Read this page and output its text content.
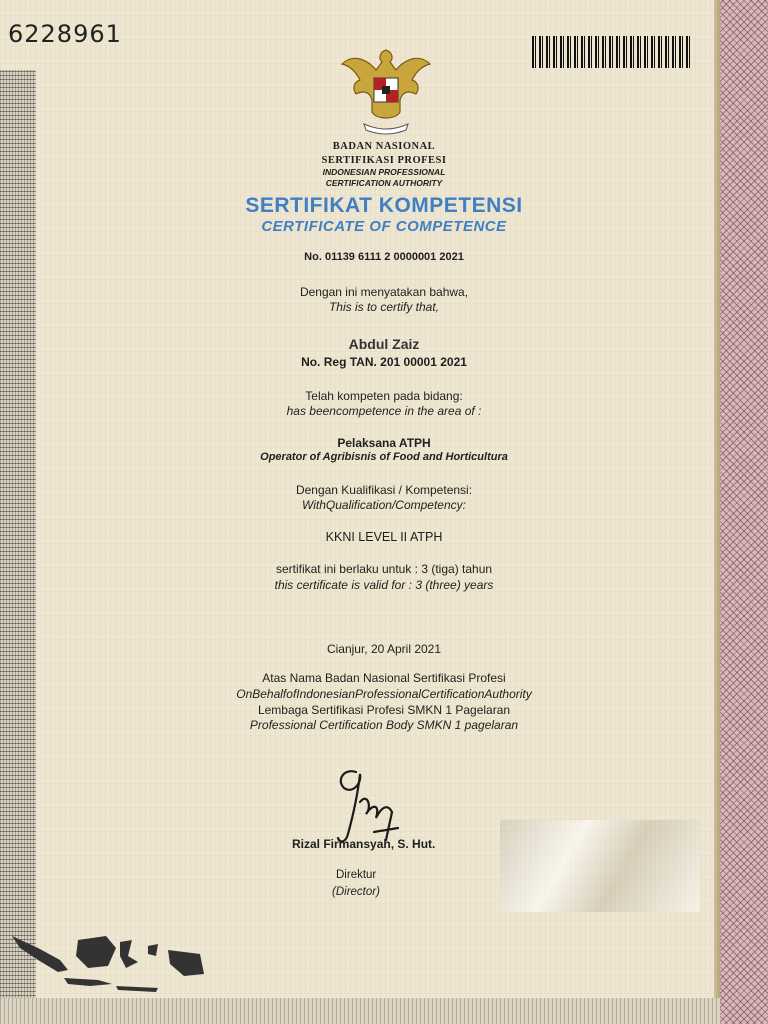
6228961
BADAN NASIONAL
SERTIFIKASI PROFESI
INDONESIAN PROFESSIONAL
CERTIFICATION AUTHORITY
SERTIFIKAT KOMPETENSI
CERTIFICATE OF COMPETENCE
No. 01139 6111 2 0000001 2021
Dengan ini menyatakan bahwa,
This is to certify that,
Abdul Zaiz
No. Reg TAN. 201 00001 2021
Telah kompeten pada bidang:
has beencompetence in the area of :
Pelaksana ATPH
Operator of Agribisnis of Food and Horticultura
Dengan Kualifikasi / Kompetensi:
WithQualification/Competency:
KKNI LEVEL II ATPH
sertifikat ini berlaku untuk : 3 (tiga) tahun
this certificate is valid for : 3 (three) years
Cianjur, 20 April 2021
Atas Nama Badan Nasional Sertifikasi Profesi
OnBehalfofIndonesianProfessionalCertificationAuthority
Lembaga Sertifikasi Profesi SMKN 1 Pagelaran
Professional Certification Body SMKN 1 pagelaran
Rizal Firmansyah, S. Hut.
Direktur
(Director)
